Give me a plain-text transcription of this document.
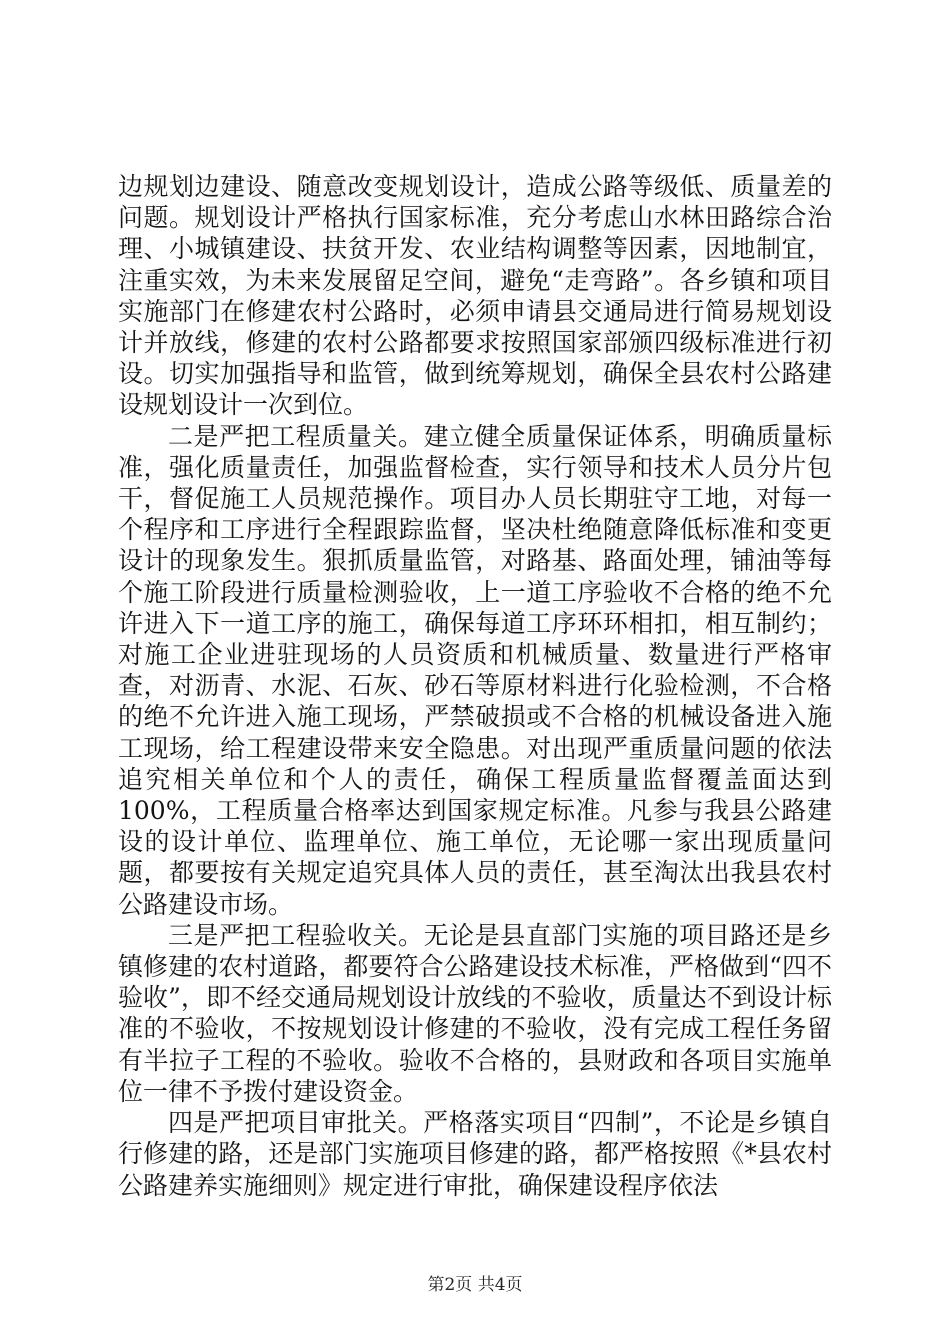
边规划边建设、随意改变规划设计，造成公路等级低、质量差的问题。规划设计严格执行国家标准，充分考虑山水林田路综合治理、小城镇建设、扶贫开发、农业结构调整等因素，因地制宜，注重实效，为未来发展留足空间，避免“走弯路”。各乡镇和项目实施部门在修建农村公路时，必须申请县交通局进行简易规划设计并放线，修建的农村公路都要求按照国家部颁四级标准进行初设。切实加强指导和监管，做到统筹规划，确保全县农村公路建设规划设计一次到位。

二是严把工程质量关。建立健全质量保证体系，明确质量标准，强化质量责任，加强监督检查，实行领导和技术人员分片包干，督促施工人员规范操作。项目办人员长期驻守工地，对每一个程序和工序进行全程跟踪监督，坚决杜绝随意降低标准和变更设计的现象发生。狠抓质量监管，对路基、路面处理，铺油等每个施工阶段进行质量检测验收，上一道工序验收不合格的绝不允许进入下一道工序的施工，确保每道工序环环相扣，相互制约；对施工企业进驻现场的人员资质和机械质量、数量进行严格审查，对沥青、水泥、石灰、砂石等原材料进行化验检测，不合格的绝不允许进入施工现场，严禁破损或不合格的机械设备进入施工现场，给工程建设带来安全隐患。对出现严重质量问题的依法追究相关单位和个人的责任，确保工程质量监督覆盖面达到100%，工程质量合格率达到国家规定标准。凡参与我县公路建设的设计单位、监理单位、施工单位，无论哪一家出现质量问题，都要按有关规定追究具体人员的责任，甚至淘汰出我县农村公路建设市场。

三是严把工程验收关。无论是县直部门实施的项目路还是乡镇修建的农村道路，都要符合公路建设技术标准，严格做到“四不验收”，即不经交通局规划设计放线的不验收，质量达不到设计标准的不验收，不按规划设计修建的不验收，没有完成工程任务留有半拉子工程的不验收。验收不合格的，县财政和各项目实施单位一律不予拨付建设资金。

四是严把项目审批关。严格落实项目“四制”，不论是乡镇自行修建的路，还是部门实施项目修建的路，都严格按照《*县农村公路建养实施细则》规定进行审批，确保建设程序依法

第2页 共4页
